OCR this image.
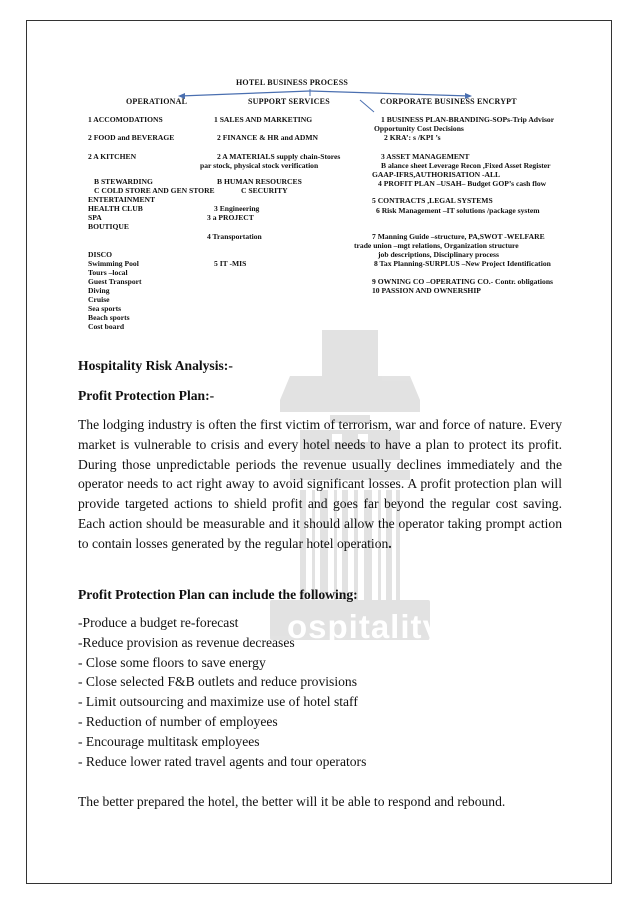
HOTEL BUSINESS PROCESS
OPERATIONAL	SUPPORT SERVICES	CORPORATE BUSINESS ENCRYPT
1 ACCOMODATIONS
2 FOOD and BEVERAGE
2 A KITCHEN
B STEWARDING
C COLD STORE AND GEN STORE
ENTERTAINMENT
HEALTH CLUB
SPA
BOUTIQUE
DISCO
Swimming Pool
Tours –local
Guest Transport
Diving
Cruise
Sea sports
Beach sports
Cost board
1 SALES AND MARKETING
2 FINANCE & HR and ADMN
2 A MATERIALS supply chain-Stores
par stock, physical stock verification
B HUMAN RESOURCES
C SECURITY
3 Engineering
3 a PROJECT
4 Transportation
5 IT -MIS
1 BUSINESS PLAN-BRANDING-SOPs-Trip Advisor
Opportunity Cost Decisions
2 KRA’: s /KPI ’s
3 ASSET MANAGEMENT
B alance sheet Leverage Recon ,Fixed Asset Register
GAAP-IFRS,AUTHORISATION -ALL
4 PROFIT PLAN –USAH– Budget GOP’s cash flow
5 CONTRACTS ,LEGAL SYSTEMS
6 Risk Management –IT solutions /package system
7 Manning Guide –structure, PA,SWOT -WELFARE
trade union –mgt relations, Organization structure
job descriptions, Disciplinary process
8 Tax Planning-SURPLUS –New Project Identification
9 OWNING CO –OPERATING CO.- Contr. obligations
10 PASSION AND OWNERSHIP
ospitality
Hospitality Risk Analysis:-
Profit Protection Plan:-
The lodging industry is often the first victim of terrorism, war and force of nature. Every market is vulnerable to crisis and every hotel needs to have a plan to protect its profit. During those unpredictable periods the revenue usually declines immediately and the operator needs to act right away to avoid significant losses. A profit protection plan will provide targeted actions to shield profit and goes far beyond the regular cost saving. Each action should be measurable and it should allow the operator taking prompt action to contain losses generated by the regular hotel operation.
Profit Protection Plan can include the following:
-Produce a budget re-forecast
-Reduce provision as revenue decreases
- Close some floors to save energy
- Close selected F&B outlets and reduce provisions
- Limit outsourcing and maximize use of hotel staff
- Reduction of number of employees
- Encourage multitask employees
- Reduce lower rated travel agents and tour operators
The better prepared the hotel, the better will it be able to respond and rebound.
